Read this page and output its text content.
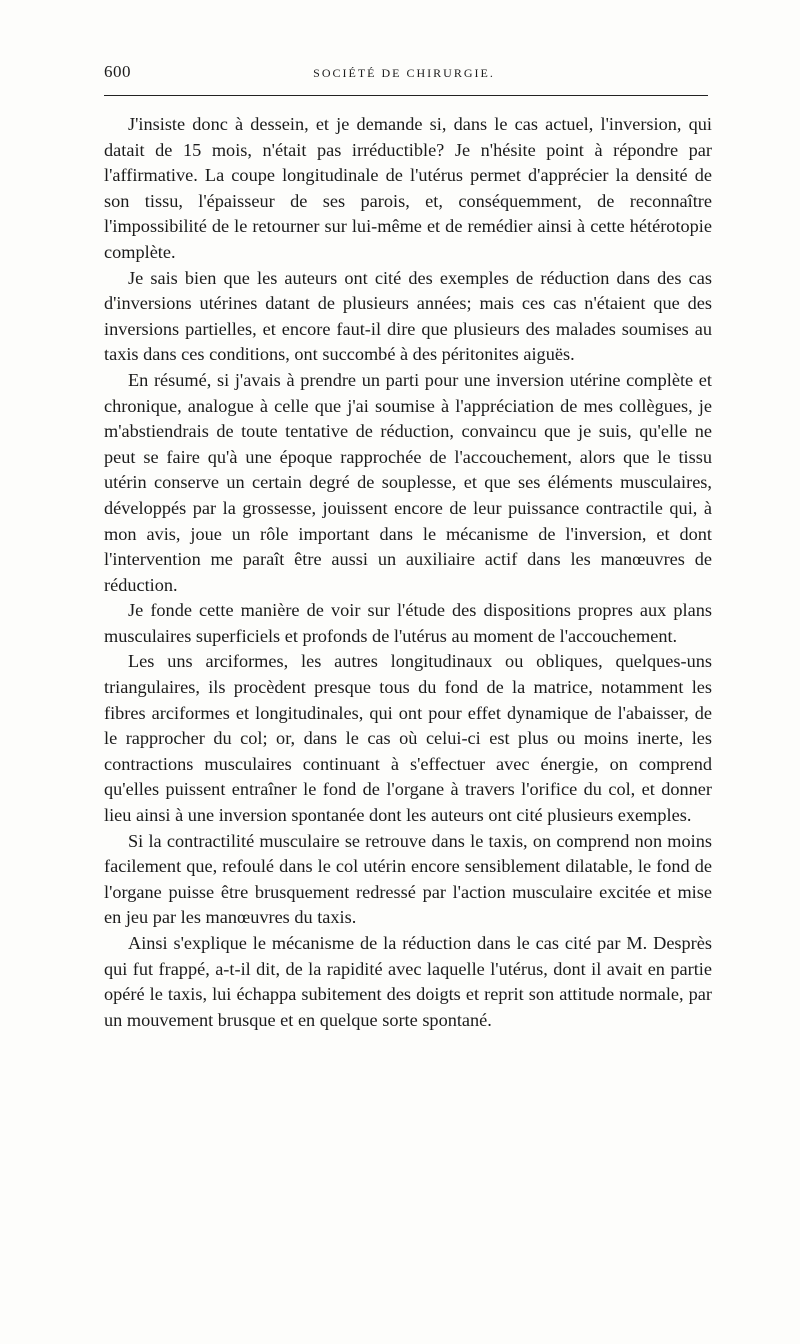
600	SOCIÉTÉ DE CHIRURGIE.

J'insiste donc à dessein, et je demande si, dans le cas actuel, l'inversion, qui datait de 15 mois, n'était pas irréductible? Je n'hésite point à répondre par l'affirmative. La coupe longitudinale de l'utérus permet d'apprécier la densité de son tissu, l'épaisseur de ses parois, et, conséquemment, de reconnaître l'impossibilité de le retourner sur lui-même et de remédier ainsi à cette hétérotopie complète.

Je sais bien que les auteurs ont cité des exemples de réduction dans des cas d'inversions utérines datant de plusieurs années; mais ces cas n'étaient que des inversions partielles, et encore faut-il dire que plusieurs des malades soumises au taxis dans ces conditions, ont succombé à des péritonites aiguës.

En résumé, si j'avais à prendre un parti pour une inversion utérine complète et chronique, analogue à celle que j'ai soumise à l'appréciation de mes collègues, je m'abstiendrais de toute tentative de réduction, convaincu que je suis, qu'elle ne peut se faire qu'à une époque rapprochée de l'accouchement, alors que le tissu utérin conserve un certain degré de souplesse, et que ses éléments musculaires, développés par la grossesse, jouissent encore de leur puissance contractile qui, à mon avis, joue un rôle important dans le mécanisme de l'inversion, et dont l'intervention me paraît être aussi un auxiliaire actif dans les manœuvres de réduction.

Je fonde cette manière de voir sur l'étude des dispositions propres aux plans musculaires superficiels et profonds de l'utérus au moment de l'accouchement.

Les uns arciformes, les autres longitudinaux ou obliques, quelques-uns triangulaires, ils procèdent presque tous du fond de la matrice, notamment les fibres arciformes et longitudinales, qui ont pour effet dynamique de l'abaisser, de le rapprocher du col; or, dans le cas où celui-ci est plus ou moins inerte, les contractions musculaires continuant à s'effectuer avec énergie, on comprend qu'elles puissent entraîner le fond de l'organe à travers l'orifice du col, et donner lieu ainsi à une inversion spontanée dont les auteurs ont cité plusieurs exemples.

Si la contractilité musculaire se retrouve dans le taxis, on comprend non moins facilement que, refoulé dans le col utérin encore sensiblement dilatable, le fond de l'organe puisse être brusquement redressé par l'action musculaire excitée et mise en jeu par les manœuvres du taxis.

Ainsi s'explique le mécanisme de la réduction dans le cas cité par M. Desprès qui fut frappé, a-t-il dit, de la rapidité avec laquelle l'utérus, dont il avait en partie opéré le taxis, lui échappa subitement des doigts et reprit son attitude normale, par un mouvement brusque et en quelque sorte spontané.
